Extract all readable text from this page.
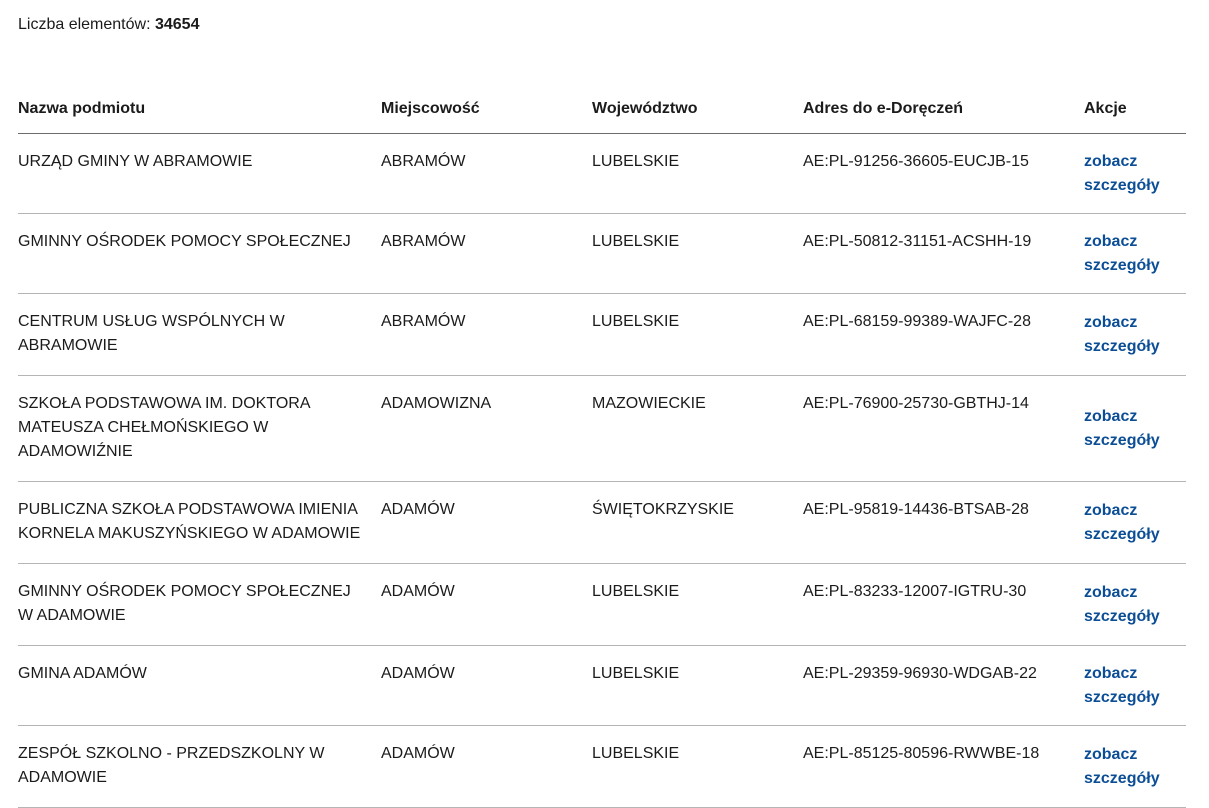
Liczba elementów: 34654
Nazwa podmiotu	Miejscowość	Województwo	Adres do e-Doręczeń	Akcje
URZĄD GMINY W ABRAMOWIE	ABRAMÓW	LUBELSKIE	AE:PL-91256-36605-EUCJB-15	zobacz szczegóły
GMINNY OŚRODEK POMOCY SPOŁECZNEJ	ABRAMÓW	LUBELSKIE	AE:PL-50812-31151-ACSHH-19	zobacz szczegóły
CENTRUM USŁUG WSPÓLNYCH W ABRAMOWIE	ABRAMÓW	LUBELSKIE	AE:PL-68159-99389-WAJFC-28	zobacz szczegóły
SZKOŁA PODSTAWOWA IM. DOKTORA MATEUSZA CHEŁMOŃSKIEGO W ADAMOWIŹNIE	ADAMOWIZNA	MAZOWIECKIE	AE:PL-76900-25730-GBTHJ-14	zobacz szczegóły
PUBLICZNA SZKOŁA PODSTAWOWA IMIENIA KORNELA MAKUSZYŃSKIEGO W ADAMOWIE	ADAMÓW	ŚWIĘTOKRZYSKIE	AE:PL-95819-14436-BTSAB-28	zobacz szczegóły
GMINNY OŚRODEK POMOCY SPOŁECZNEJ W ADAMOWIE	ADAMÓW	LUBELSKIE	AE:PL-83233-12007-IGTRU-30	zobacz szczegóły
GMINA ADAMÓW	ADAMÓW	LUBELSKIE	AE:PL-29359-96930-WDGAB-22	zobacz szczegóły
ZESPÓŁ SZKOLNO - PRZEDSZKOLNY W ADAMOWIE	ADAMÓW	LUBELSKIE	AE:PL-85125-80596-RWWBE-18	zobacz szczegóły
